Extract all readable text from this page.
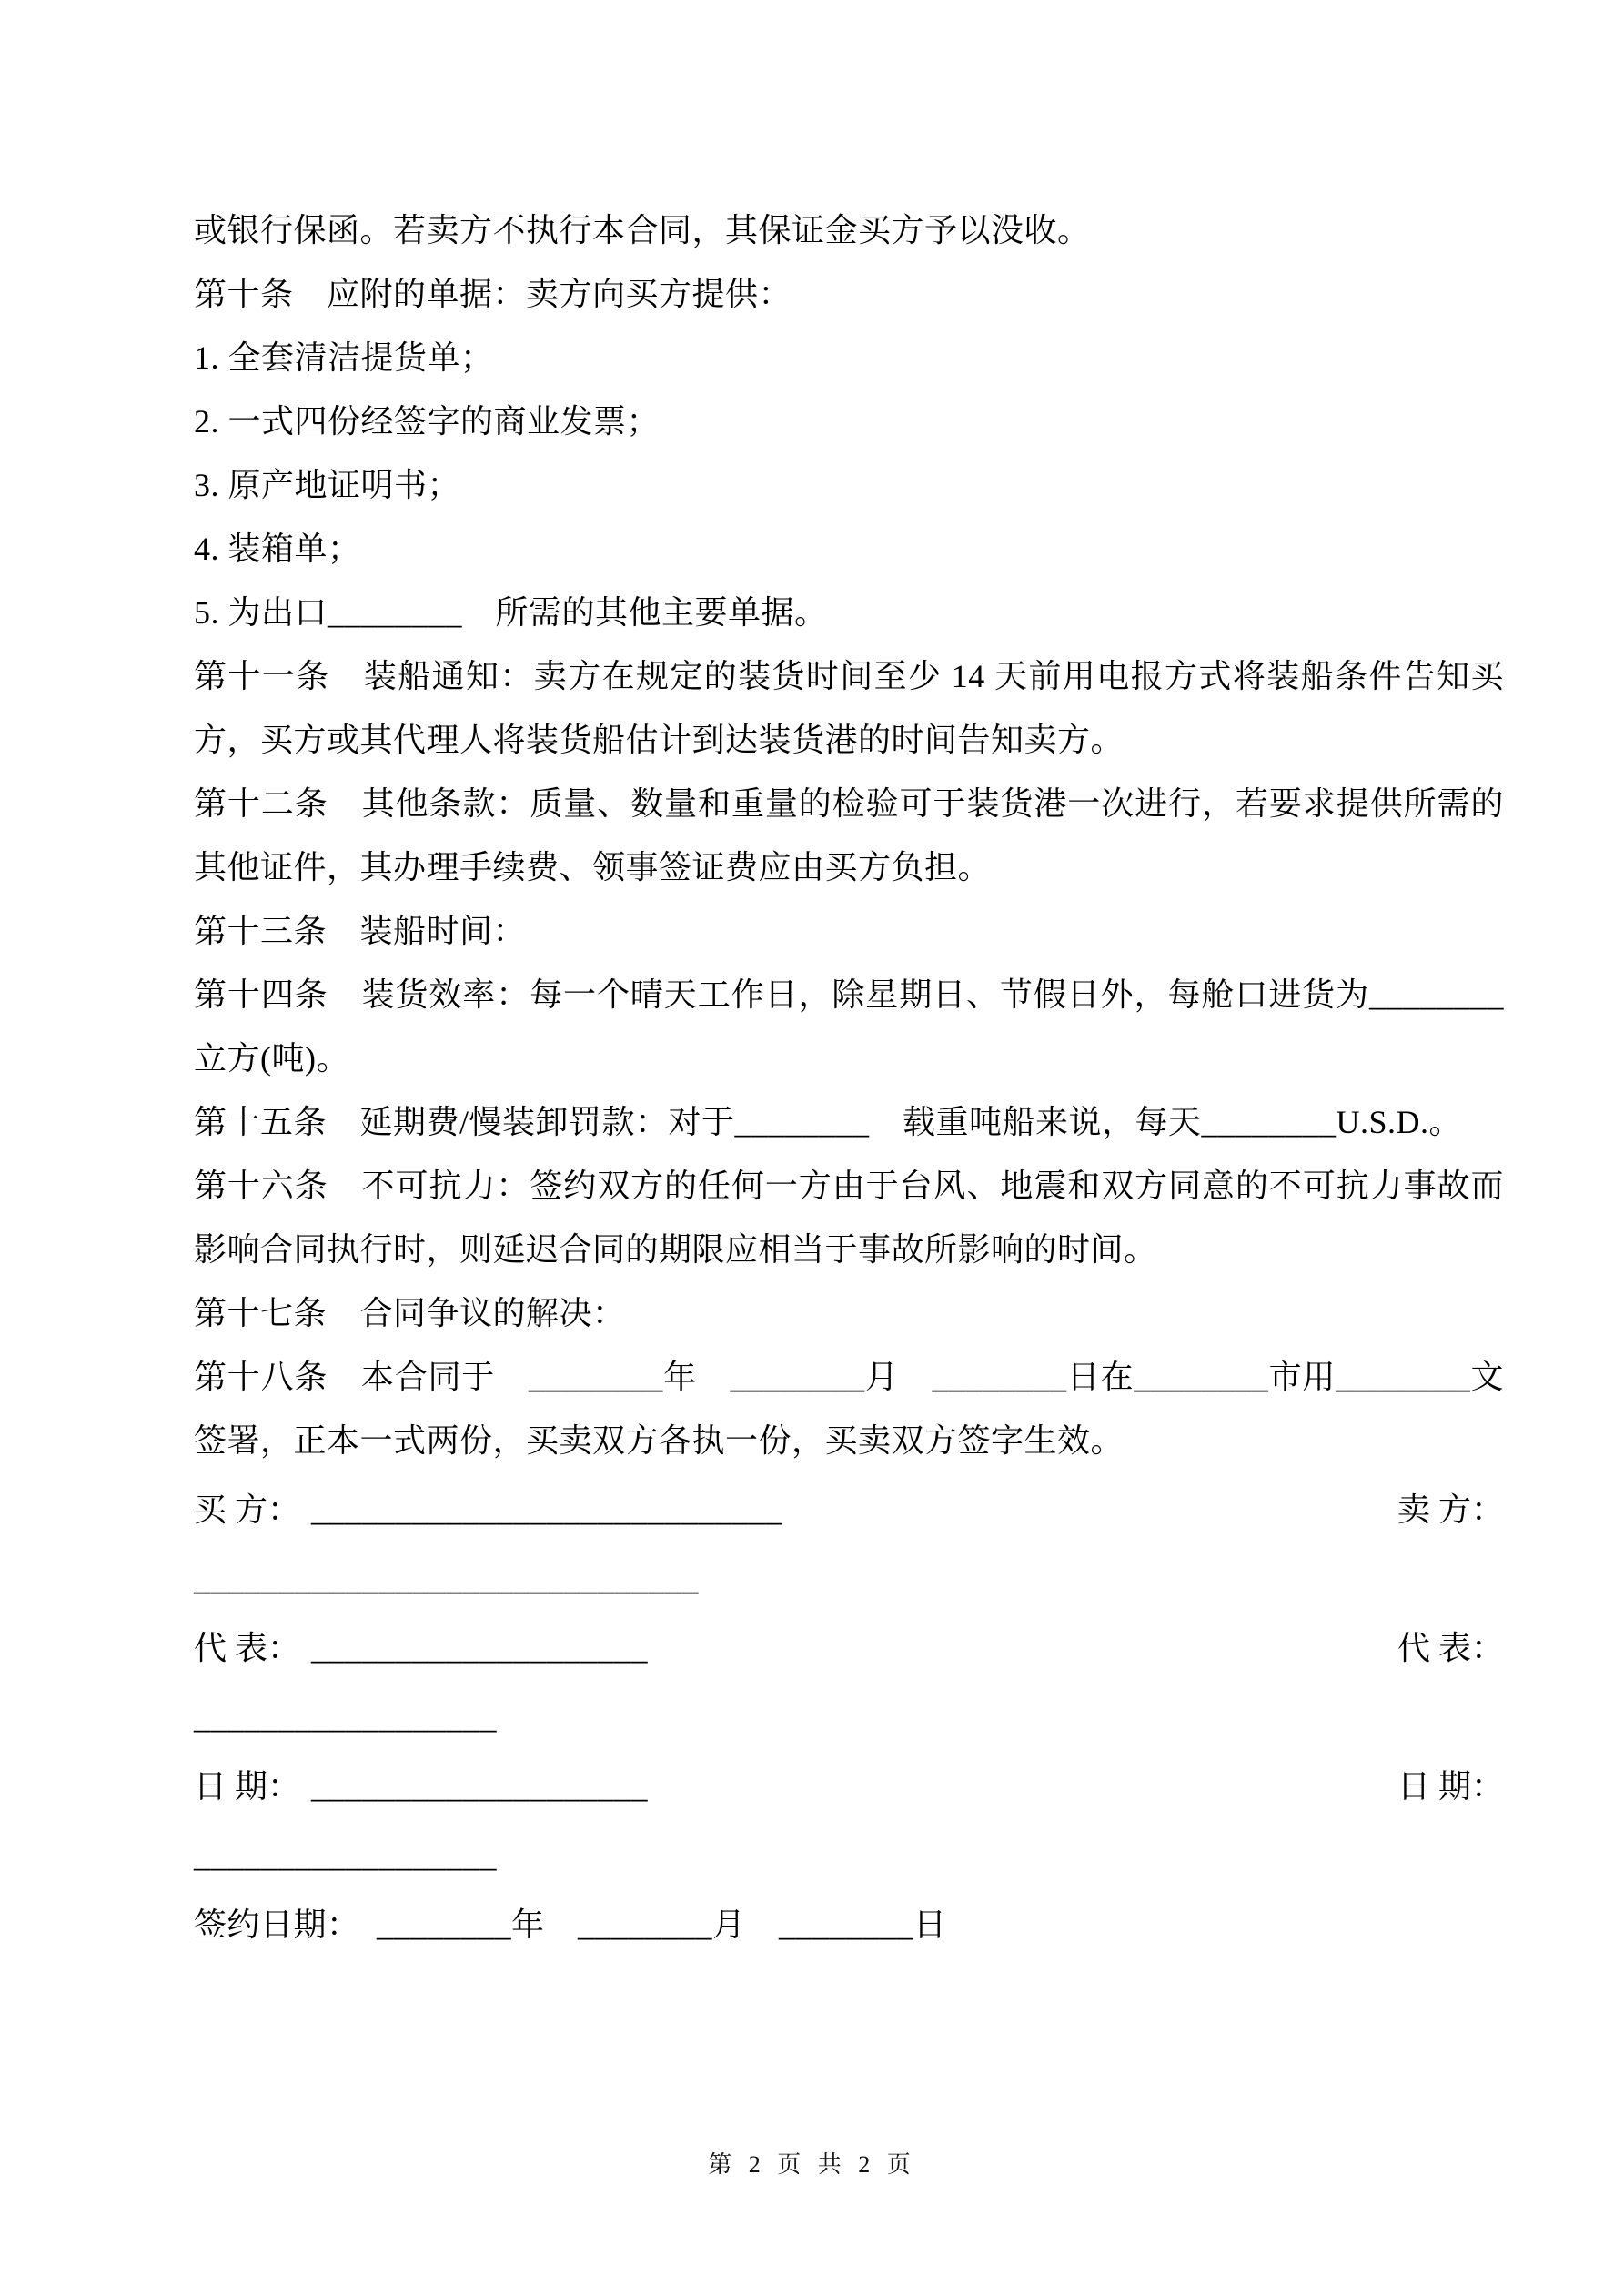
或银行保函。若卖方不执行本合同，其保证金买方予以没收。

第十条　应附的单据：卖方向买方提供：

1. 全套清洁提货单；

2. 一式四份经签字的商业发票；

3. 原产地证明书；

4. 装箱单；

5. 为出口________　所需的其他主要单据。

第十一条　装船通知：卖方在规定的装货时间至少 14 天前用电报方式将装船条件告知买方，买方或其代理人将装货船估计到达装货港的时间告知卖方。

第十二条　其他条款：质量、数量和重量的检验可于装货港一次进行，若要求提供所需的其他证件，其办理手续费、领事签证费应由买方负担。

第十三条　装船时间：

第十四条　装货效率：每一个晴天工作日，除星期日、节假日外，每舱口进货为________立方(吨)。

第十五条　延期费/慢装卸罚款：对于________　载重吨船来说，每天________U.S.D.。

第十六条　不可抗力：签约双方的任何一方由于台风、地震和双方同意的不可抗力事故而影响合同执行时，则延迟合同的期限应相当于事故所影响的时间。

第十七条　合同争议的解决：

第十八条　本合同于　________年　________月　________日在________市用________文签署，正本一式两份，买卖双方各执一份，买卖双方签字生效。

买 方： ____________________________	卖 方：

______________________________

代 表： ____________________	代 表：

__________________

日 期： ____________________	日 期：

__________________

签约日期：　________年　________月　________日

第 2 页 共 2 页
